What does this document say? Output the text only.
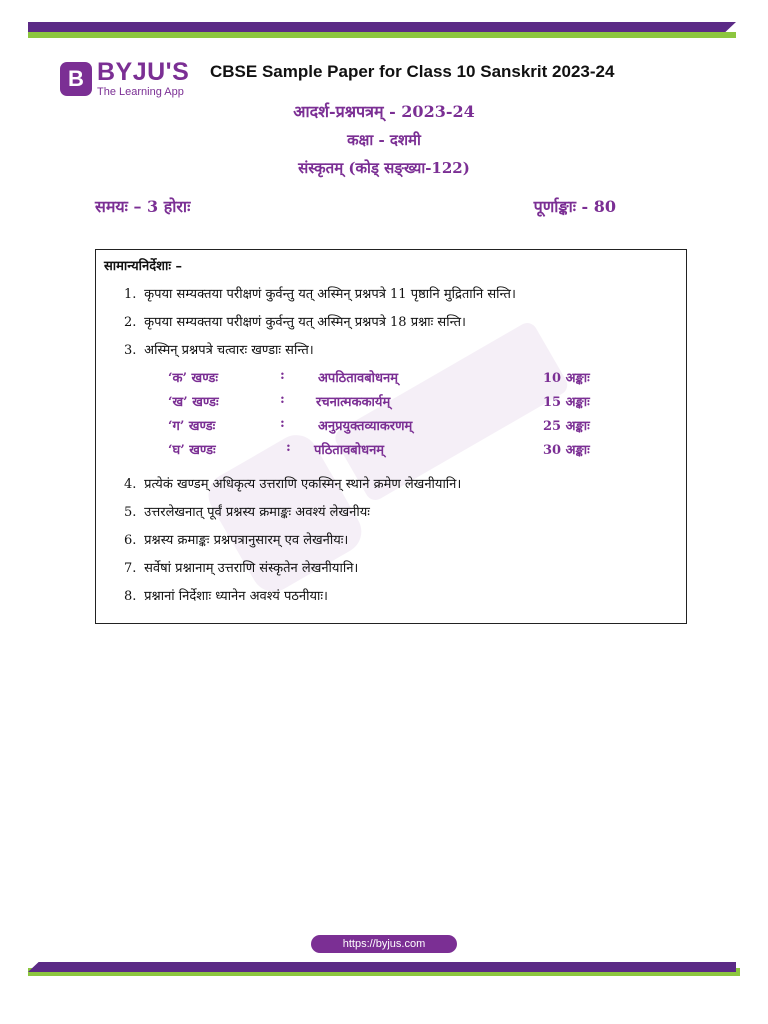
B BYJU'S
The Learning App
CBSE Sample Paper for Class 10 Sanskrit 2023-24
आदर्श-प्रश्नपत्रम् - 2023-24
कक्षा - दशमी
संस्कृतम् (कोड् सङ्ख्या-122)
समयः – 3 होराः	पूर्णाङ्काः - 80
सामान्यनिर्देशाः –
1. कृपया सम्यक्तया परीक्षणं कुर्वन्तु यत् अस्मिन् प्रश्नपत्रे 11 पृष्ठानि मुद्रितानि सन्ति।
2. कृपया सम्यक्तया परीक्षणं कुर्वन्तु यत् अस्मिन् प्रश्नपत्रे 18 प्रश्नाः सन्ति।
3. अस्मिन् प्रश्नपत्रे चत्वारः खण्डाः सन्ति।
‘क’ खण्डः	:	अपठितावबोधनम्	10 अङ्काः
‘ख’ खण्डः	: रचनात्मककार्यम्	15 अङ्काः
‘ग’ खण्डः	:	अनुप्रयुक्तव्याकरणम्	25 अङ्काः
‘घ’ खण्डः	: पठितावबोधनम्	30 अङ्काः
4. प्रत्येकं खण्डम् अधिकृत्य उत्तराणि एकस्मिन् स्थाने क्रमेण लेखनीयानि।
5. उत्तरलेखनात् पूर्वं प्रश्नस्य क्रमाङ्कः अवश्यं लेखनीयः
6. प्रश्नस्य क्रमाङ्कः प्रश्नपत्रानुसारम् एव लेखनीयः।
7. सर्वेषां प्रश्नानाम् उत्तराणि संस्कृतेन लेखनीयानि।
8. प्रश्नानां निर्देशाः ध्यानेन अवश्यं पठनीयाः।
https://byjus.com
